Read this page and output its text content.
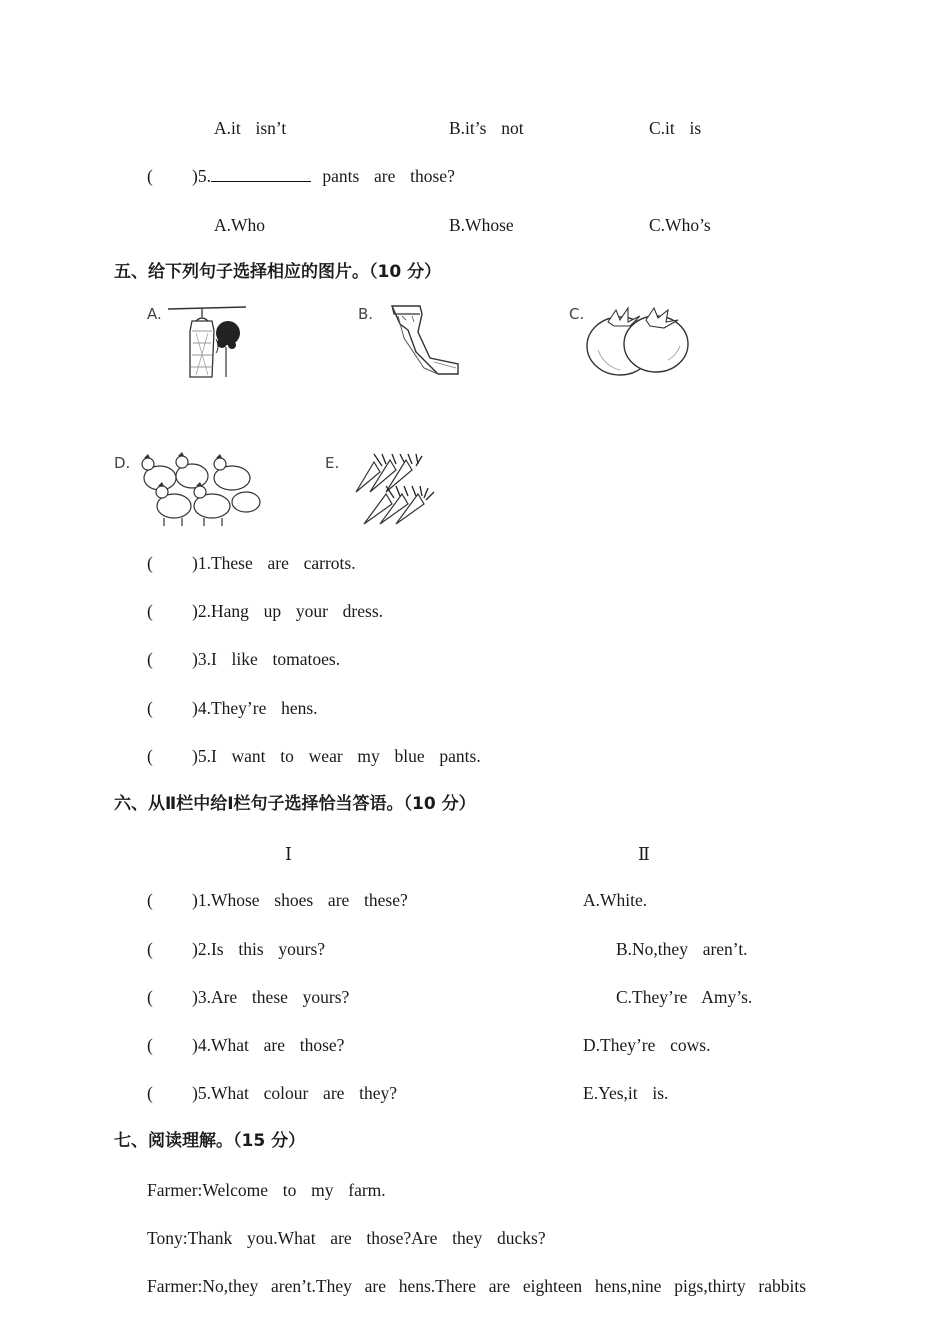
A.it  isn’t	B.it’s  not	C.it  is
( )5.	pants  are  those?
A.Who	B.Whose	C.Who’s
五、给下列句子选择相应的图片。（10 分）
A.	B.	C.
D.	E.
( )1.These  are  carrots.
( )2.Hang  up  your  dress.
( )3.I  like  tomatoes.
( )4.They’re  hens.
( )5.I  want  to  wear  my  blue  pants.
六、从Ⅱ栏中给Ⅰ栏句子选择恰当答语。（10 分）
Ⅰ	Ⅱ
( )1.Whose  shoes  are  these?	A.White.
( )2.Is  this  yours?	B.No,they  aren’t.
( )3.Are  these  yours?	C.They’re  Amy’s.
( )4.What  are  those?	D.They’re  cows.
( )5.What  colour  are  they?	E.Yes,it  is.
七、阅读理解。（15 分）
Farmer:Welcome  to  my  farm.
Tony:Thank  you.What  are  those?Are  they  ducks?
Farmer:No,they  aren’t.They  are  hens.There  are  eighteen  hens,nine  pigs,thirty  rabbits
